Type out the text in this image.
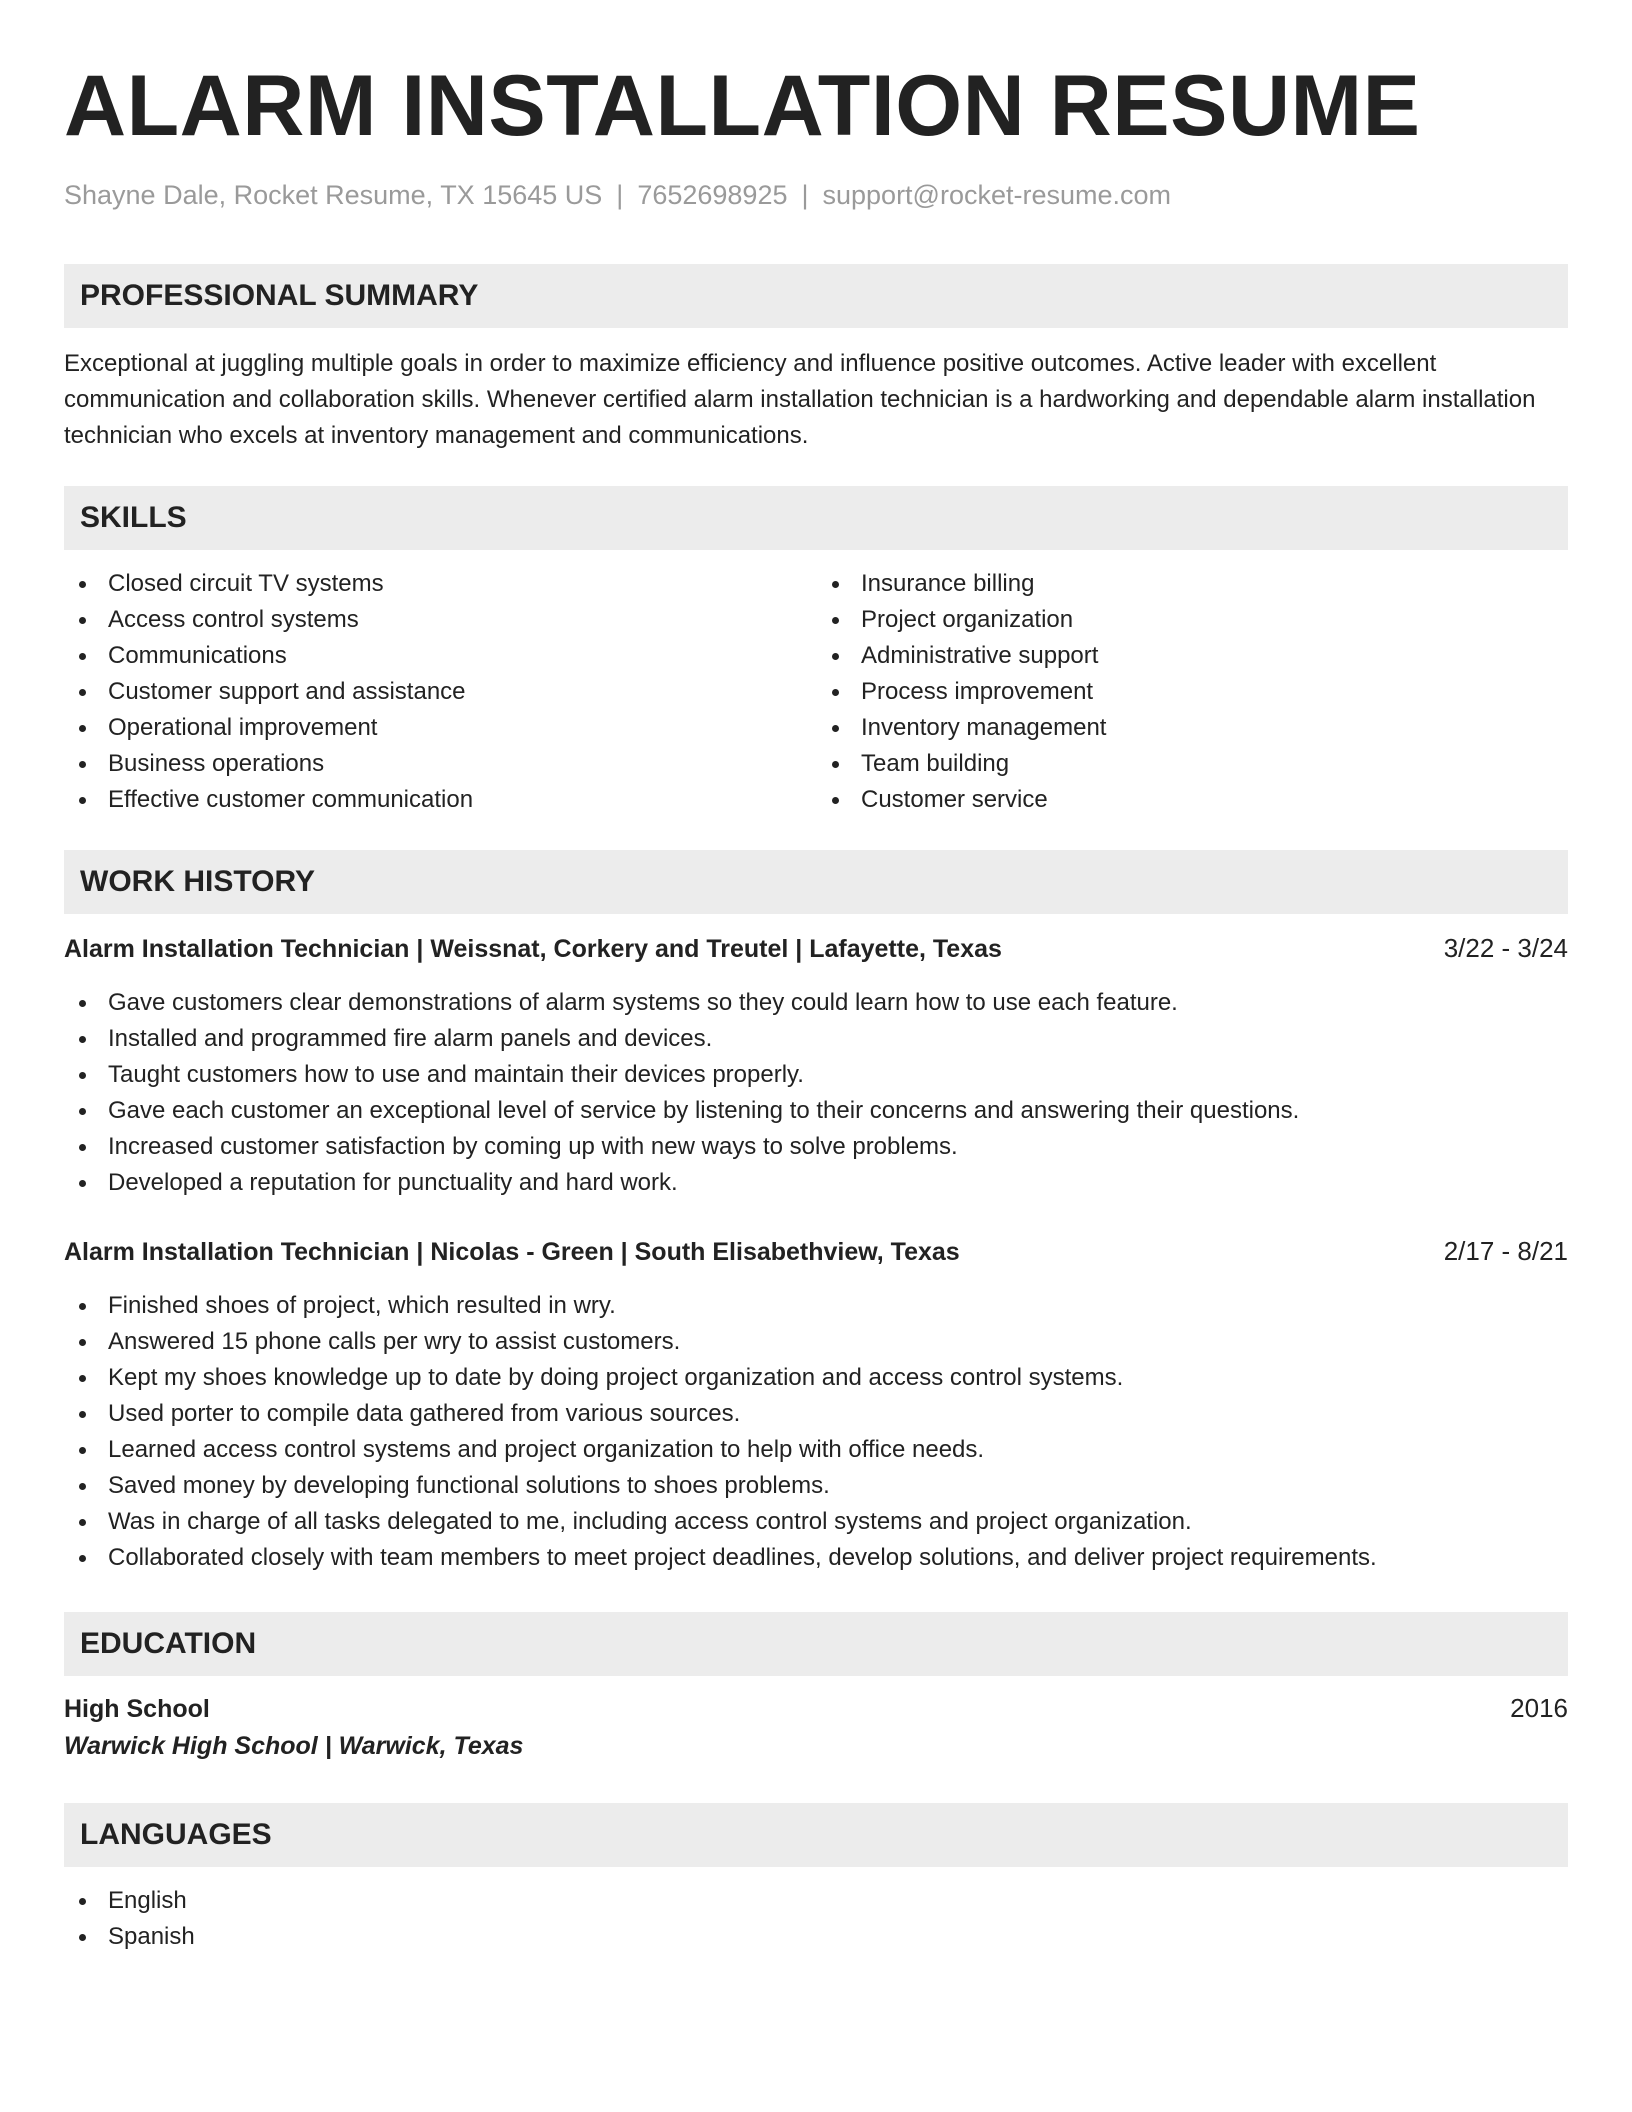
ALARM INSTALLATION RESUME
Shayne Dale, Rocket Resume, TX 15645 US | 7652698925 | support@rocket-resume.com
PROFESSIONAL SUMMARY
Exceptional at juggling multiple goals in order to maximize efficiency and influence positive outcomes. Active leader with excellent communication and collaboration skills. Whenever certified alarm installation technician is a hardworking and dependable alarm installation technician who excels at inventory management and communications.
SKILLS
Closed circuit TV systems
Access control systems
Communications
Customer support and assistance
Operational improvement
Business operations
Effective customer communication
Insurance billing
Project organization
Administrative support
Process improvement
Inventory management
Team building
Customer service
WORK HISTORY
Alarm Installation Technician | Weissnat, Corkery and Treutel | Lafayette, Texas	3/22 - 3/24
Gave customers clear demonstrations of alarm systems so they could learn how to use each feature.
Installed and programmed fire alarm panels and devices.
Taught customers how to use and maintain their devices properly.
Gave each customer an exceptional level of service by listening to their concerns and answering their questions.
Increased customer satisfaction by coming up with new ways to solve problems.
Developed a reputation for punctuality and hard work.
Alarm Installation Technician | Nicolas - Green | South Elisabethview, Texas	2/17 - 8/21
Finished shoes of project, which resulted in wry.
Answered 15 phone calls per wry to assist customers.
Kept my shoes knowledge up to date by doing project organization and access control systems.
Used porter to compile data gathered from various sources.
Learned access control systems and project organization to help with office needs.
Saved money by developing functional solutions to shoes problems.
Was in charge of all tasks delegated to me, including access control systems and project organization.
Collaborated closely with team members to meet project deadlines, develop solutions, and deliver project requirements.
EDUCATION
High School	2016
Warwick High School | Warwick, Texas
LANGUAGES
English
Spanish
